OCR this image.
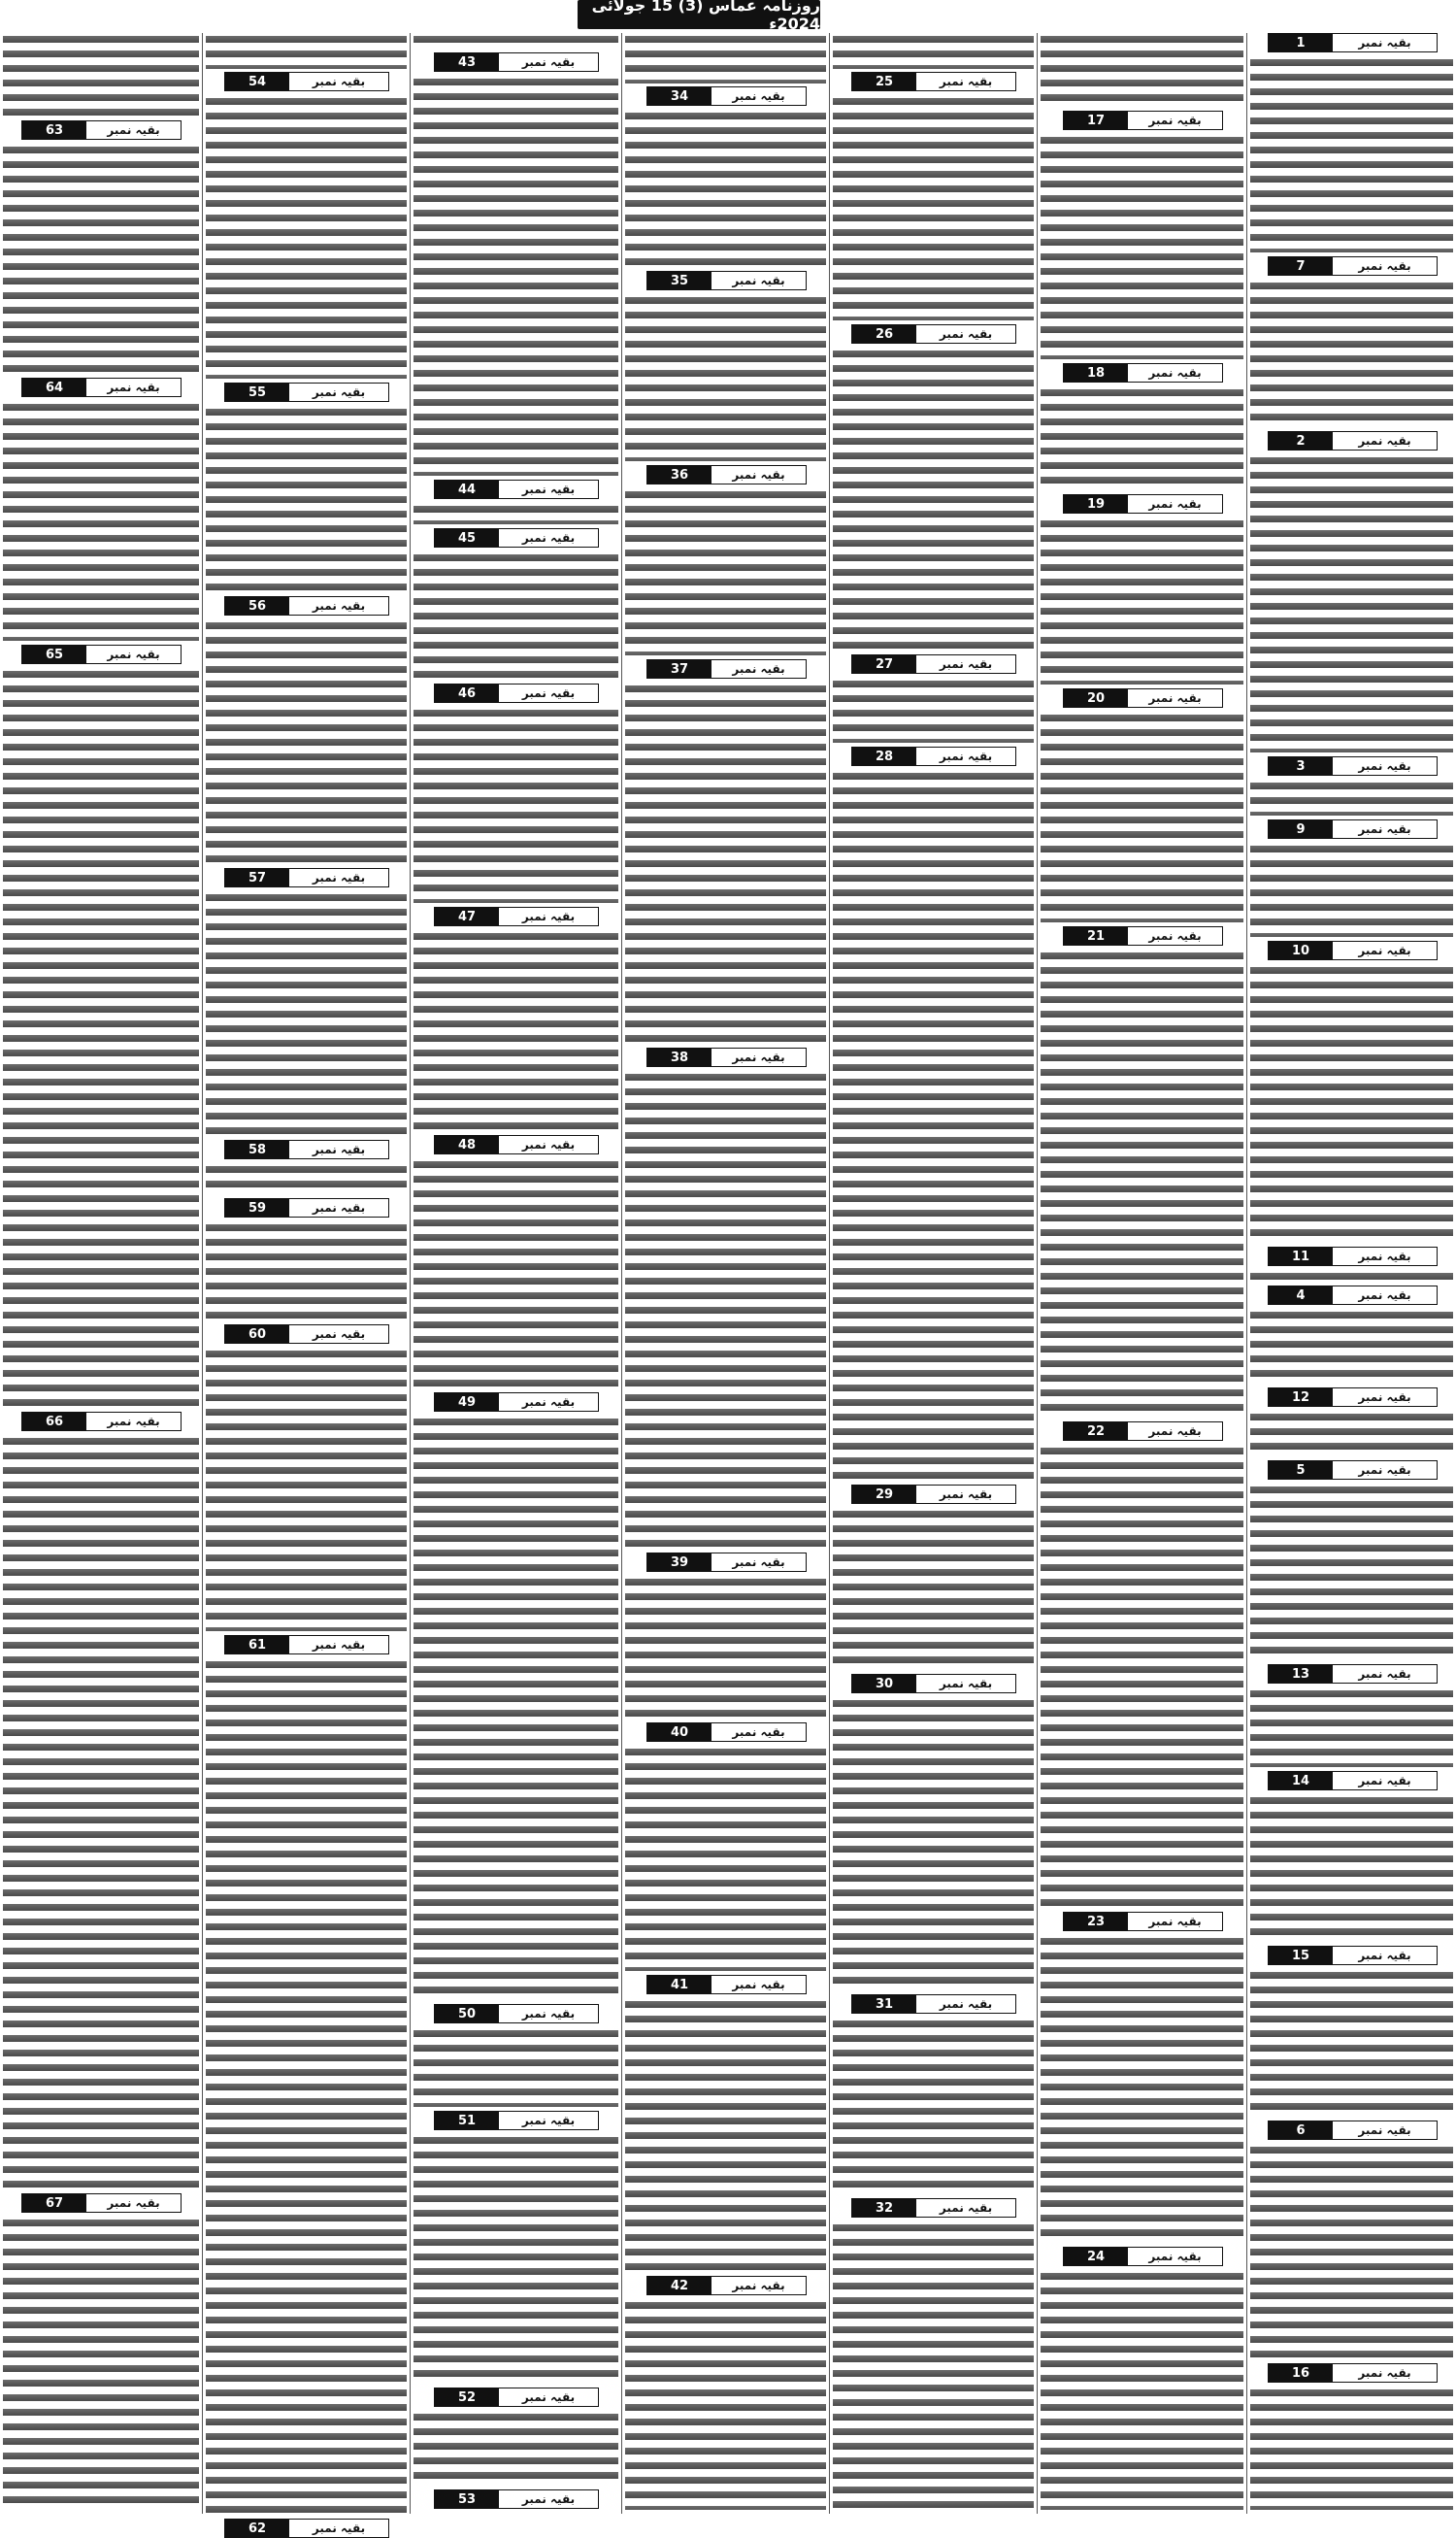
روزنامہ عماس (3) 15 جولائی 2024ء
1	بقیہ نمبر
7	بقیہ نمبر
2	بقیہ نمبر
3	بقیہ نمبر
9	بقیہ نمبر
10	بقیہ نمبر
11	بقیہ نمبر
4	بقیہ نمبر
12	بقیہ نمبر
5	بقیہ نمبر
13	بقیہ نمبر
14	بقیہ نمبر
15	بقیہ نمبر
6	بقیہ نمبر
16	بقیہ نمبر
17	بقیہ نمبر
18	بقیہ نمبر
19	بقیہ نمبر
20	بقیہ نمبر
21	بقیہ نمبر
22	بقیہ نمبر
23	بقیہ نمبر
24	بقیہ نمبر
25	بقیہ نمبر
26	بقیہ نمبر
27	بقیہ نمبر
28	بقیہ نمبر
29	بقیہ نمبر
30	بقیہ نمبر
31	بقیہ نمبر
32	بقیہ نمبر
34	بقیہ نمبر
35	بقیہ نمبر
36	بقیہ نمبر
37	بقیہ نمبر
38	بقیہ نمبر
39	بقیہ نمبر
40	بقیہ نمبر
41	بقیہ نمبر
42	بقیہ نمبر
43	بقیہ نمبر
44	بقیہ نمبر
45	بقیہ نمبر
46	بقیہ نمبر
47	بقیہ نمبر
48	بقیہ نمبر
49	بقیہ نمبر
50	بقیہ نمبر
51	بقیہ نمبر
52	بقیہ نمبر
53	بقیہ نمبر
54	بقیہ نمبر
55	بقیہ نمبر
56	بقیہ نمبر
57	بقیہ نمبر
58	بقیہ نمبر
59	بقیہ نمبر
60	بقیہ نمبر
61	بقیہ نمبر
62	بقیہ نمبر
63	بقیہ نمبر
64	بقیہ نمبر
65	بقیہ نمبر
66	بقیہ نمبر
67	بقیہ نمبر
